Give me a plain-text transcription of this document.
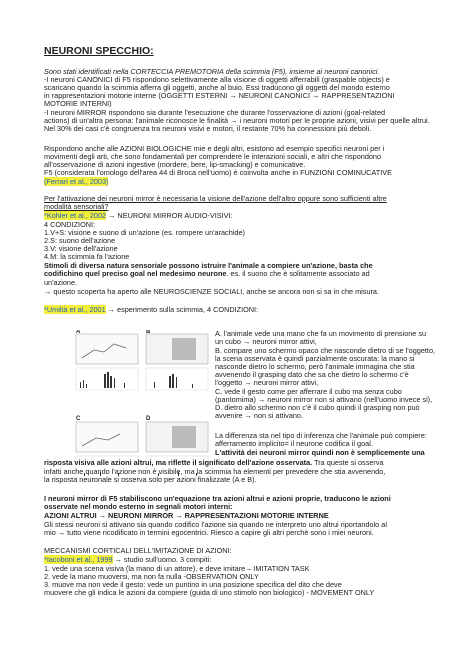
NEURONI SPECCHIO:
Sono stati identificati nella CORTECCIA PREMOTORIA della scimmia (F5), insieme ai neuroni canonici.
-I neuroni CANONICI di F5 rispondono selettivamente alla visione di oggetti afferrabili (graspable objects) e
scaricano quando la scimmia afferra gli oggetti, anche al buio. Essi traducono gli oggetti del mondo esterno
in rappresentazioni motorie interne (OGGETTI ESTERNI → NEURONI CANONICI → RAPPRESENTAZIONI
MOTORIE INTERNI)
-I neuroni MIRROR rispondono sia durante l'esecuzione che durante l'osservazione di azioni (goal-related
actions) di un'altra persona: l'animale riconosce le finalità → i neuroni motori per le proprie azioni, visivi per quelle altrui.
Nel 30% dei casi c'è congruenza tra neuroni visivi e motori, il restante 70% ha connessioni più deboli.
Rispondono anche alle AZIONI BIOLOGICHE mie e degli altri, esistono ad esempio specifici neuroni per i
movimenti degli arti, che sono fondamentali per comprendere le interazioni sociali, e altri che rispondono
all'osservazione di azioni ingestive (mordere, bere, lip-smacking) e comunicative.
F5 (considerata l'omologo dell'area 44 di Broca nell'uomo) è coinvolta anche in FUNZIONI COMINUCATIVE
(Ferrari et al., 2003)
Per l'attivazione dei neuroni mirror è necessaria la visione dell'azione dell'altro oppure sono sufficienti altre
modalità sensoriali?
*Kohler et al., 2002 → NEURONI MIRROR AUDIO-VISIVI:
4 CONDIZIONI:
1.V+S: visione e suono di un'azione (es. rompere un'arachide)
2.S: suono dell'azione
3.V: visione dell'azione
4.M: la scimmia fa l'azione
Stimoli di diversa natura sensoriale possono istruire l'animale a compiere un'azione, basta che
codifichino quel preciso goal nel medesimo neurone. es. il suono che è solitamente associato ad
un'azione.
→ questo scoperta ha aperto alle NEUROSCIENZE SOCIALI, anche se ancora non si sa in che misura.
*Umiltà et al., 2001 → esperimento sulla scimmia, 4 CONDIZIONI:
A	B
C	D
A. l'animale vede una mano che fa un movimento di prensione su
un cubo → neuroni mirror attivi,
B. compare uno schermo opaco che nasconde dietro di se l'oggetto,
la scena osservata è quindi parzialmente oscurata: la mano si
nasconde dietro lo schermo, però l'animale immagina che stia
avvenendo il grasping dato che sa che dietro lo schermo c'è
l'oggetto → neuroni mirror attivi,
C. vede il gesto come per afferrare il cubo ma senza cubo
(pantomima) → neuroni mirror non si attivano (nell'uomo invece si),
D. dietro allo schermo non c'è il cubo quindi il grasping non può
avvenire → non si attivano.
La differenza sta nel tipo di inferenza che l'animale può compiere:
afferramento implicito= il neurone codifica il goal.
L'attività dei neuroni mirror quindi non è semplicemente una
risposta visiva alle azioni altrui, ma riflette il significato dell'azione osservata. Tra queste si osserva
infatti anche quando l'azione non è visibile, ma la scimmia ha elementi per prevedere che stia avvenendo,
la risposta neuronale si osserva solo per azioni finalizzate (A e B).
I neuroni mirror di F5 stabiliscono un'equazione tra azioni altrui e azioni proprie, traducono le azioni
osservate nel mondo esterno in segnali motori interni:
AZIONI ALTRUI → NEURONI MIRROR → RAPPRESENTAZIONI MOTORIE INTERNE
Gli stessi neuroni si attivano sia quando codifico l'azione sia quando ne interpreto uno altrui riportandolo al
mio → tutto viene ricodificato in termini egocentrici. Riesco a capire gli altri perchè sono i miei neuroni.
MECCANISMI CORTICALI DELL'IMITAZIONE DI AZIONI:
*Iacoboni et al., 1999 → studio sull'uomo. 3 compiti:
1. vede una scena visiva (la mano di un attore), e deve imitare – IMITATION TASK
2. vede la mano muoversi, ma non fa nulla -OBSERVATION ONLY
3. muove ma non vede il gesto: vede un puntino in una posizione specifica del dito che deve
muovere che gli indica le azioni da compiere (guida di uno stimolo non biologico) - MOVEMENT ONLY
